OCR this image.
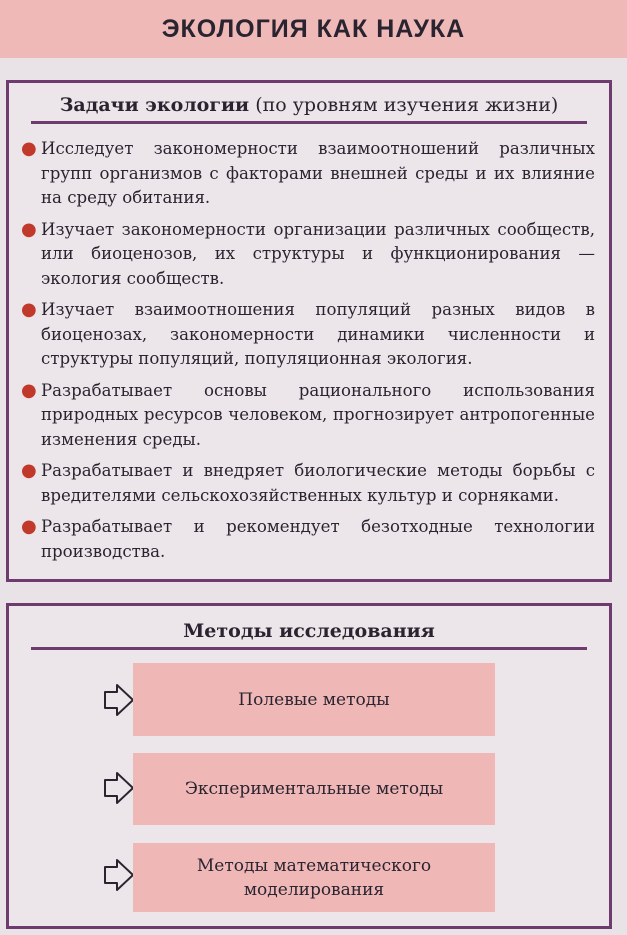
ЭКОЛОГИЯ КАК НАУКА
Задачи экологии (по уровням изучения жизни)
● Исследует закономерности взаимоотношений различных групп организмов с факторами внешней среды и их влияние на среду обитания.
● Изучает закономерности организации различных сообществ, или биоценозов, их структуры и функционирования — экология сообществ.
● Изучает взаимоотношения популяций разных видов в биоценозах, закономерности динамики численности и структуры популяций, популяционная экология.
● Разрабатывает основы рационального использования природных ресурсов человеком, прогнозирует антропогенные изменения среды.
● Разрабатывает и внедряет биологические методы борьбы с вредителями сельскохозяйственных культур и сорняками.
● Разрабатывает и рекомендует безотходные технологии производства.
Методы исследования
Полевые методы
Экспериментальные методы
Методы математического моделирования
